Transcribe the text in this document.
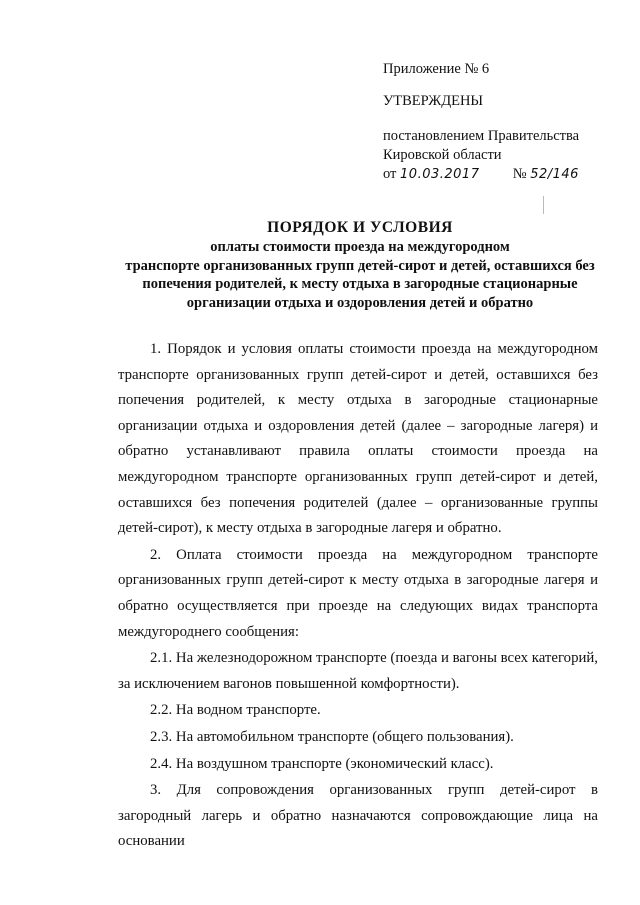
Приложение № 6
УТВЕРЖДЕНЫ
постановлением Правительства
Кировской области
от 10.03.2017 № 52/146
ПОРЯДОК И УСЛОВИЯ
оплаты стоимости проезда на междугородном
транспорте организованных групп детей-сирот и детей, оставшихся без
попечения родителей, к месту отдыха в загородные стационарные
организации отдыха и оздоровления детей и обратно

1. Порядок и условия оплаты стоимости проезда на междугородном транспорте организованных групп детей-сирот и детей, оставшихся без попечения родителей, к месту отдыха в загородные стационарные организации отдыха и оздоровления детей (далее – загородные лагеря) и обратно устанавливают правила оплаты стоимости проезда на междугородном транспорте организованных групп детей-сирот и детей, оставшихся без попечения родителей (далее – организованные группы детей-сирот), к месту отдыха в загородные лагеря и обратно.

2. Оплата стоимости проезда на междугородном транспорте организованных групп детей-сирот к месту отдыха в загородные лагеря и обратно осуществляется при проезде на следующих видах транспорта междугороднего сообщения:

2.1. На железнодорожном транспорте (поезда и вагоны всех категорий, за исключением вагонов повышенной комфортности).

2.2. На водном транспорте.

2.3. На автомобильном транспорте (общего пользования).

2.4. На воздушном транспорте (экономический класс).

3. Для сопровождения организованных групп детей-сирот в загородный лагерь и обратно назначаются сопровождающие лица на основании
